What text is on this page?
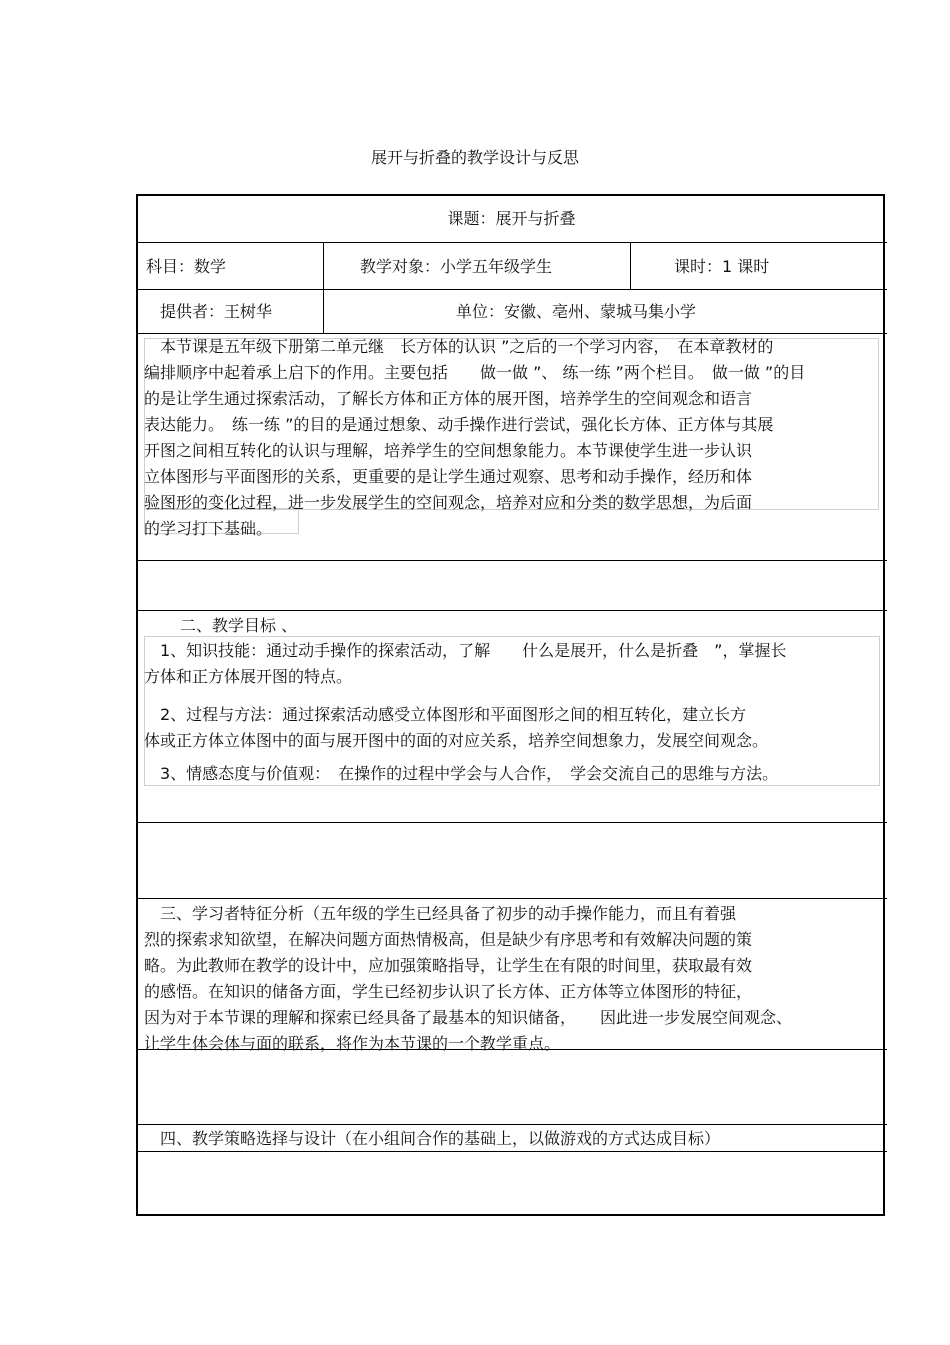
展开与折叠的教学设计与反思
课题：展开与折叠
科目：数学	教学对象：小学五年级学生	课时：1 课时
提供者：王树华	单位：安徽、亳州、蒙城马集小学

　本节课是五年级下册第二单元继　长方体的认识 ”之后的一个学习内容，　在本章教材的

编排顺序中起着承上启下的作用。主要包括　　做一做 ”、 练一练 ”两个栏目。　做一做 ”的目

的是让学生通过探索活动，了解长方体和正方体的展开图，培养学生的空间观念和语言

表达能力。　练一练 ”的目的是通过想象、动手操作进行尝试，强化长方体、正方体与其展

开图之间相互转化的认识与理解，培养学生的空间想象能力。本节课使学生进一步认识

立体图形与平面图形的关系，更重要的是让学生通过观察、思考和动手操作，经历和体

验图形的变化过程，进一步发展学生的空间观念，培养对应和分类的数学思想，为后面

的学习打下基础。

二、教学目标 、

　1、知识技能：通过动手操作的探索活动，了解　　什么是展开，什么是折叠　”，掌握长

方体和正方体展开图的特点。

　2、过程与方法：通过探索活动感受立体图形和平面图形之间的相互转化，建立长方

体或正方体立体图中的面与展开图中的面的对应关系，培养空间想象力，发展空间观念。

　3、情感态度与价值观：　在操作的过程中学会与人合作，　学会交流自己的思维与方法。

　三、学习者特征分析（五年级的学生已经具备了初步的动手操作能力，而且有着强

烈的探索求知欲望，在解决问题方面热情极高，但是缺少有序思考和有效解决问题的策

略。为此教师在教学的设计中，应加强策略指导，让学生在有限的时间里，获取最有效

的感悟。在知识的储备方面，学生已经初步认识了长方体、正方体等立体图形的特征，

因为对于本节课的理解和探索已经具备了最基本的知识储备，　　因此进一步发展空间观念、

让学生体会体与面的联系，将作为本节课的一个教学重点。

　四、教学策略选择与设计（在小组间合作的基础上，以做游戏的方式达成目标）
